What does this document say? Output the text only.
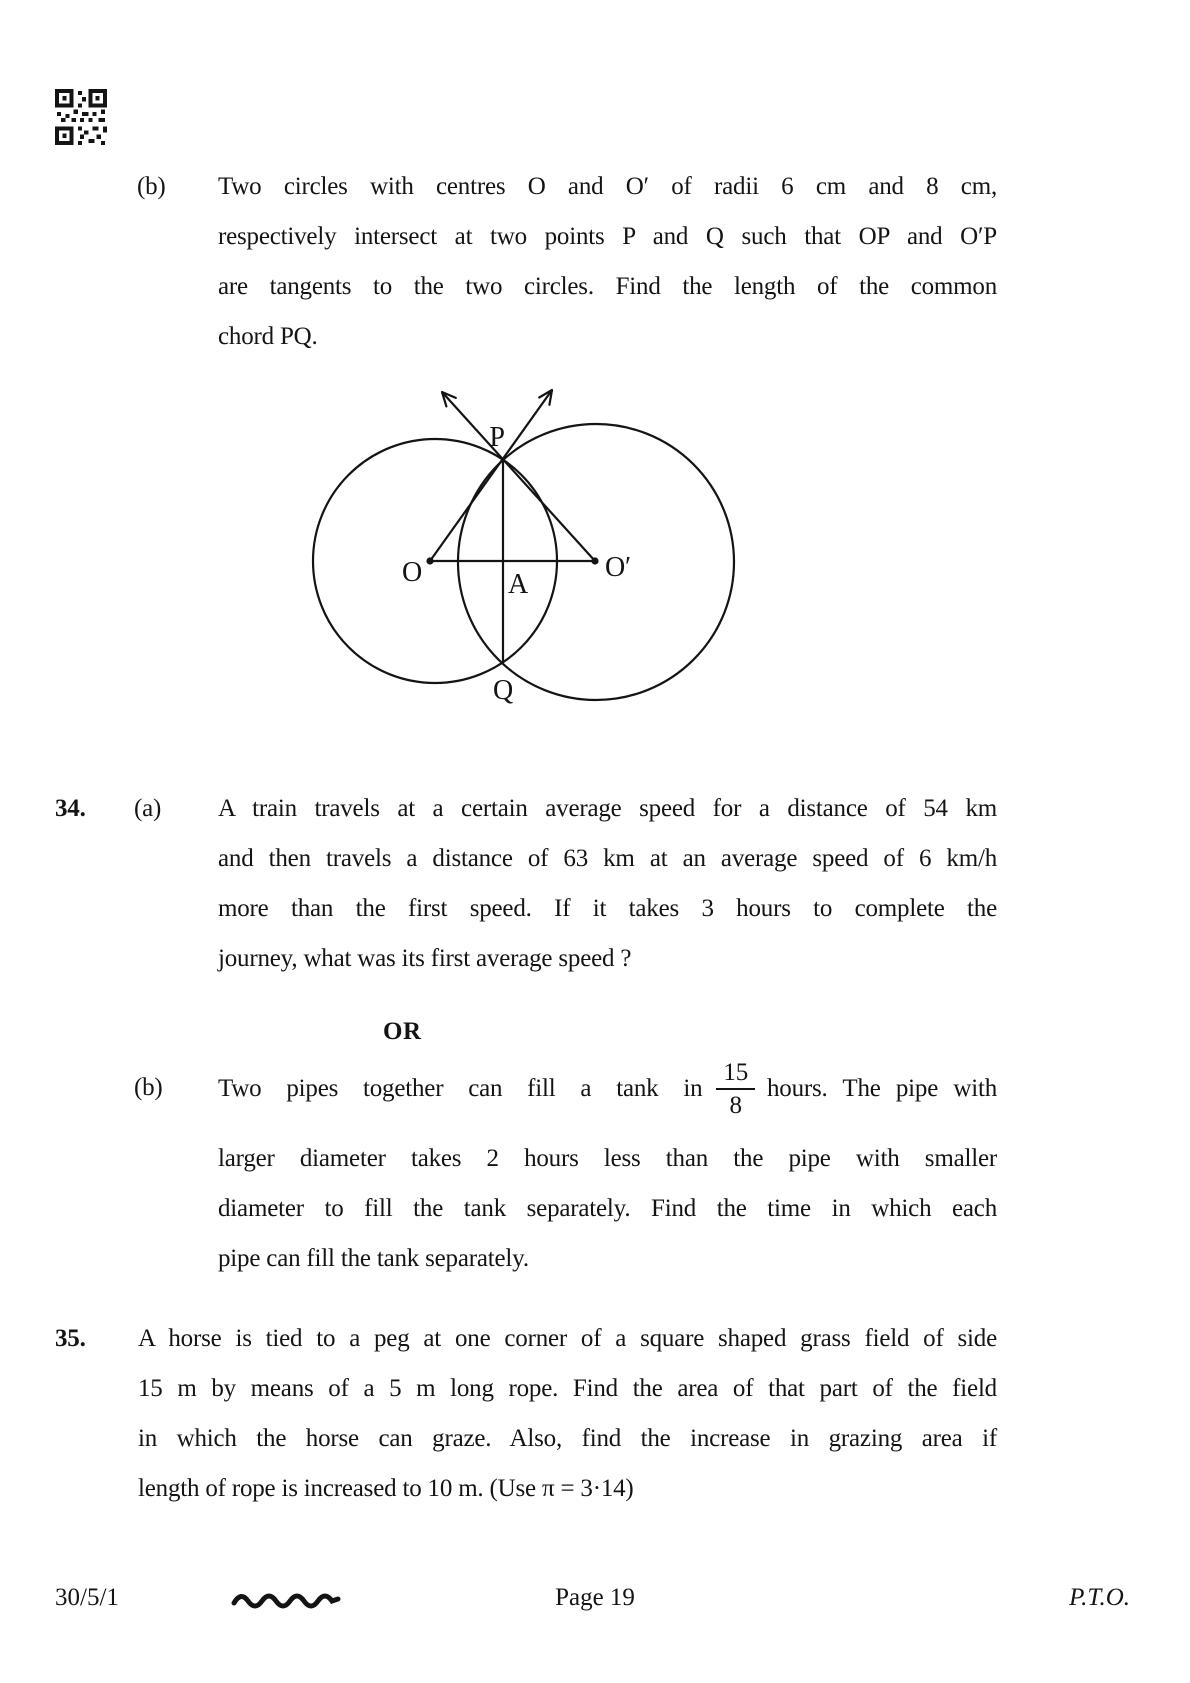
(b) Two circles with centres O and O′ of radii 6 cm and 8 cm,
respectively intersect at two points P and Q such that OP and O′P
are tangents to the two circles. Find the length of the common
chord PQ.
P
O	O′
A
Q
34. (a) A train travels at a certain average speed for a distance of 54 km
and then travels a distance of 63 km at an average speed of 6 km/h
more than the first speed. If it takes 3 hours to complete the
journey, what was its first average speed ?
OR
(b) Two pipes together can fill a tank in $\frac{15}{8}$ hours. The pipe with
larger diameter takes 2 hours less than the pipe with smaller
diameter to fill the tank separately. Find the time in which each
pipe can fill the tank separately.
35. A horse is tied to a peg at one corner of a square shaped grass field of side
15 m by means of a 5 m long rope. Find the area of that part of the field
in which the horse can graze. Also, find the increase in grazing area if
length of rope is increased to 10 m. (Use π = 3·14)
30/5/1	Page 19	P.T.O.
